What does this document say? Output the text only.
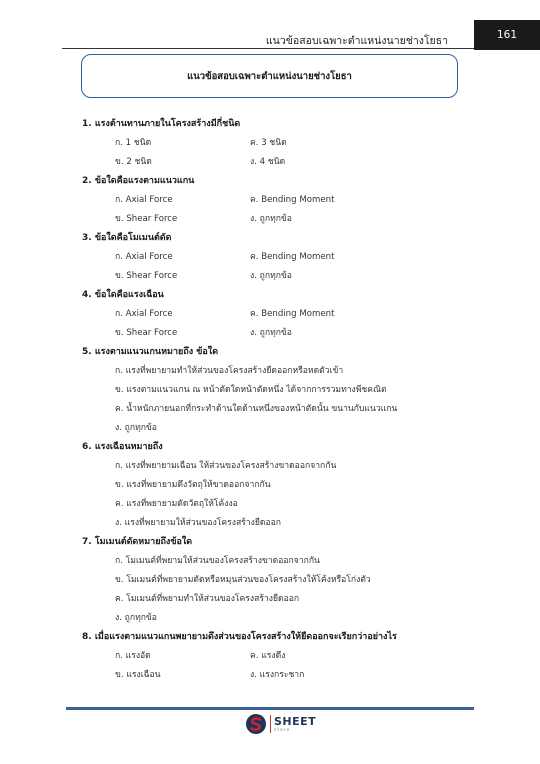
แนวข้อสอบเฉพาะตำแหน่งนายช่างโยธา	161
แนวข้อสอบเฉพาะตำแหน่งนายช่างโยธา
1. แรงต้านทานภายในโครงสร้างมีกี่ชนิด
ก. 1 ชนิด	ค. 3 ชนิด
ข. 2 ชนิด	ง. 4 ชนิด
2. ข้อใดคือแรงตามแนวแกน
ก. Axial Force	ค. Bending Moment
ข. Shear Force	ง. ถูกทุกข้อ
3. ข้อใดคือโมเมนต์ดัด
ก. Axial Force	ค. Bending Moment
ข. Shear Force	ง. ถูกทุกข้อ
4. ข้อใดคือแรงเฉือน
ก. Axial Force	ค. Bending Moment
ข. Shear Force	ง. ถูกทุกข้อ
5. แรงตามแนวแกนหมายถึง ข้อใด
ก. แรงที่พยายามทำให้ส่วนของโครงสร้างยืดออกหรือหดตัวเข้า
ข. แรงตามแนวแกน ณ หน้าตัดใดหน้าตัดหนึ่ง ได้จากการรวมทางพีชคณิต
ค. น้ำหนักภายนอกที่กระทำด้านใดด้านหนึ่งของหน้าตัดนั้น ขนานกับแนวแกน
ง. ถูกทุกข้อ
6. แรงเฉือนหมายถึง
ก. แรงที่พยายามเฉือน ให้ส่วนของโครงสร้างขาดออกจากกัน
ข. แรงที่พยายามดึงวัตถุให้ขาดออกจากกัน
ค. แรงที่พยายามดัดวัตถุให้โค้งงอ
ง. แรงที่พยายามให้ส่วนของโครงสร้างยืดออก
7. โมเมนต์ดัดหมายถึงข้อใด
ก. โมเมนต์ที่พยามให้ส่วนของโครงสร้างขาดออกจากกัน
ข. โมเมนต์ที่พยายามดัดหรือหมุนส่วนของโครงสร้างให้โค้งหรือโก่งตัว
ค. โมเมนต์ที่พยามทำให้ส่วนของโครงสร้างยืดออก
ง. ถูกทุกข้อ
8. เมื่อแรงตามแนวแกนพยายามดึงส่วนของโครงสร้างให้ยืดออกจะเรียกว่าอย่างไร
ก. แรงอัด	ค. แรงดึง
ข. แรงเฉือน	ง. แรงกระชาก
SHEET
store
